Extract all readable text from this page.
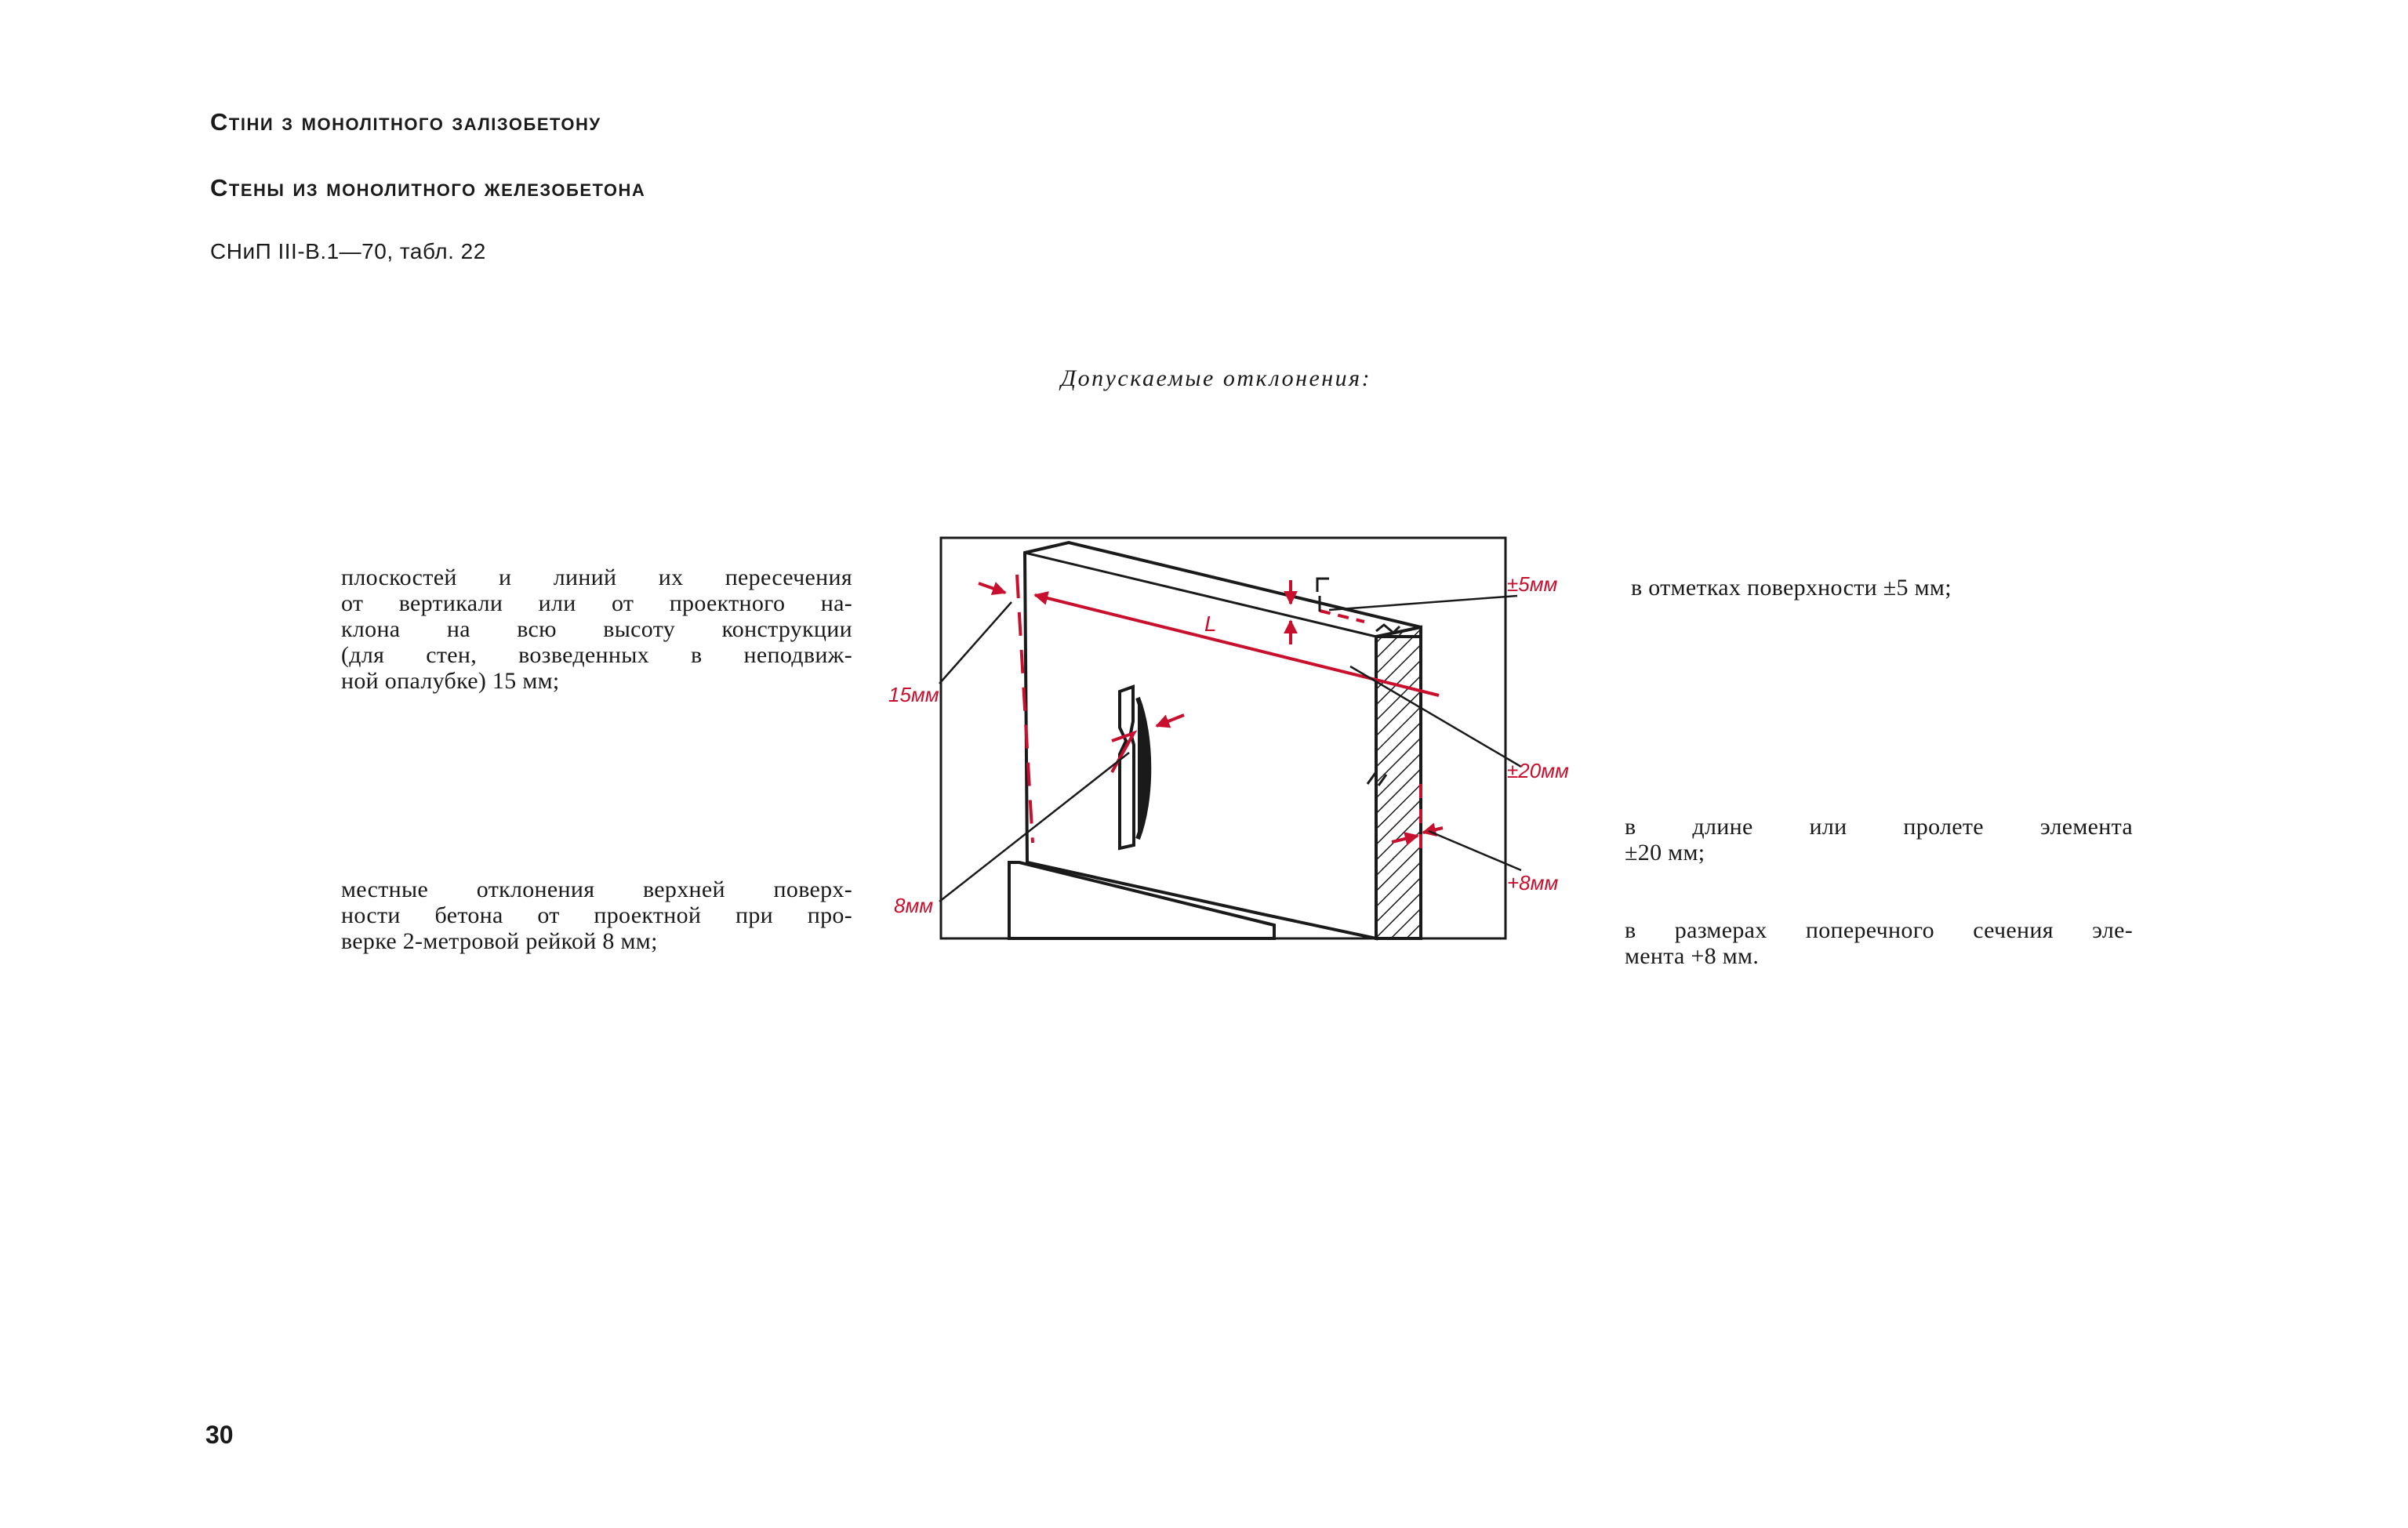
Стіни з монолітного залізобетону
Стены из монолитного железобетона
СНиП III-В.1—70, табл. 22
Допускаемые отклонения:
плоскостей и линий их пересечения
от вертикали или от проектного на-
клона на всю высоту конструкции
(для стен, возведенных в неподвиж-
ной опалубке) 15 мм;
местные отклонения верхней поверх-
ности бетона от проектной при про-
верке 2-метровой рейкой 8 мм;
в отметках поверхности ±5 мм;
в длине или пролете элемента
±20 мм;
в размерах поперечного сечения эле-
мента +8 мм.
L
±5мм
±20мм
+8мм
15мм
8мм
30
